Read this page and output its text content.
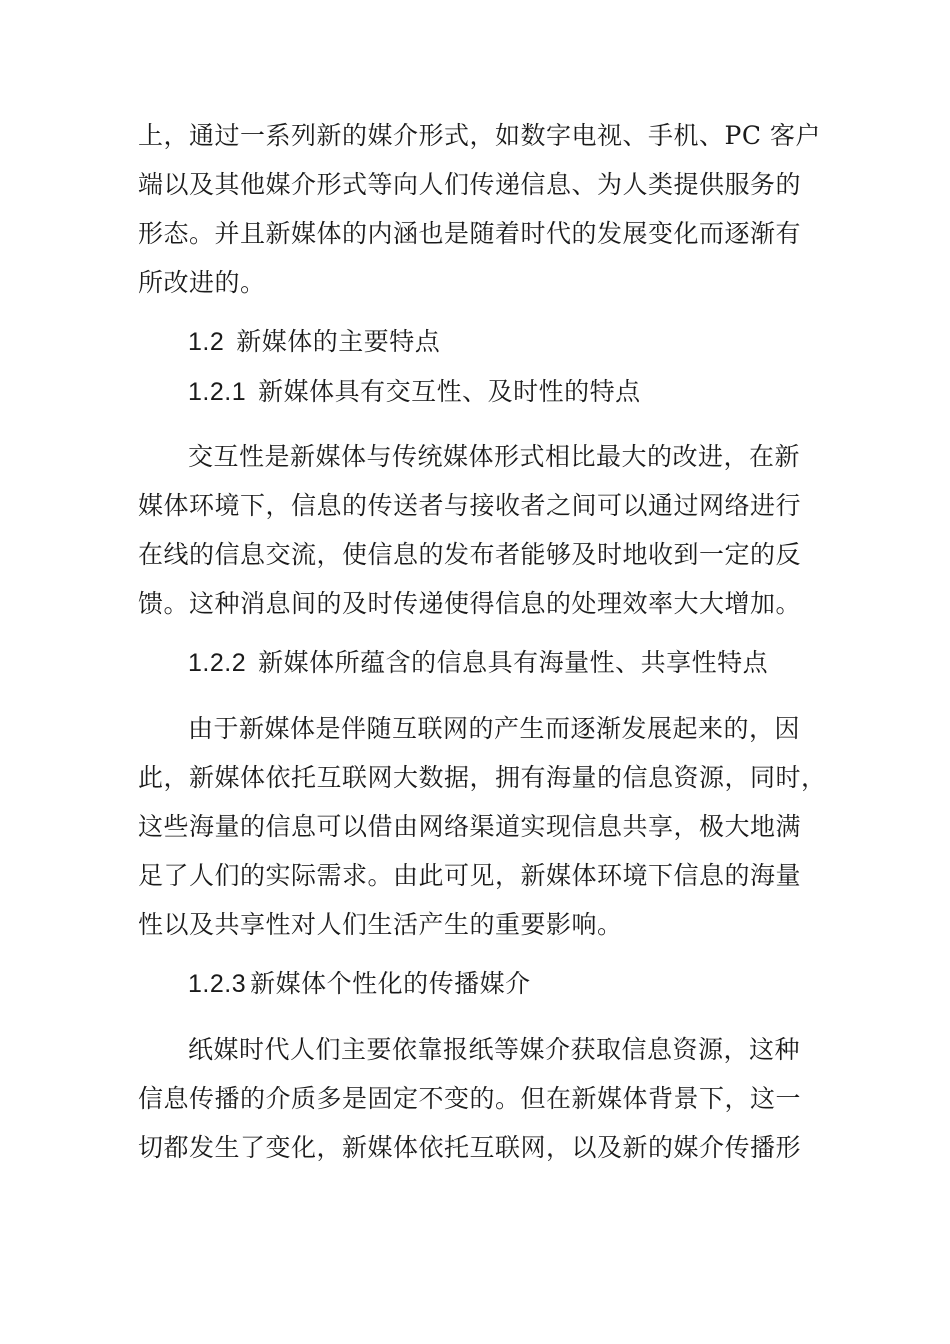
上，通过一系列新的媒介形式，如数字电视、手机、PC 客户
端以及其他媒介形式等向人们传递信息、为人类提供服务的
形态。并且新媒体的内涵也是随着时代的发展变化而逐渐有
所改进的。
1.2 新媒体的主要特点
1.2.1 新媒体具有交互性、及时性的特点
交互性是新媒体与传统媒体形式相比最大的改进，在新
媒体环境下，信息的传送者与接收者之间可以通过网络进行
在线的信息交流，使信息的发布者能够及时地收到一定的反
馈。这种消息间的及时传递使得信息的处理效率大大增加。
1.2.2 新媒体所蕴含的信息具有海量性、共享性特点
由于新媒体是伴随互联网的产生而逐渐发展起来的，因
此，新媒体依托互联网大数据，拥有海量的信息资源，同时，
这些海量的信息可以借由网络渠道实现信息共享，极大地满
足了人们的实际需求。由此可见，新媒体环境下信息的海量
性以及共享性对人们生活产生的重要影响。
1.2.3 新媒体个性化的传播媒介
纸媒时代人们主要依靠报纸等媒介获取信息资源，这种
信息传播的介质多是固定不变的。但在新媒体背景下，这一
切都发生了变化，新媒体依托互联网，以及新的媒介传播形
